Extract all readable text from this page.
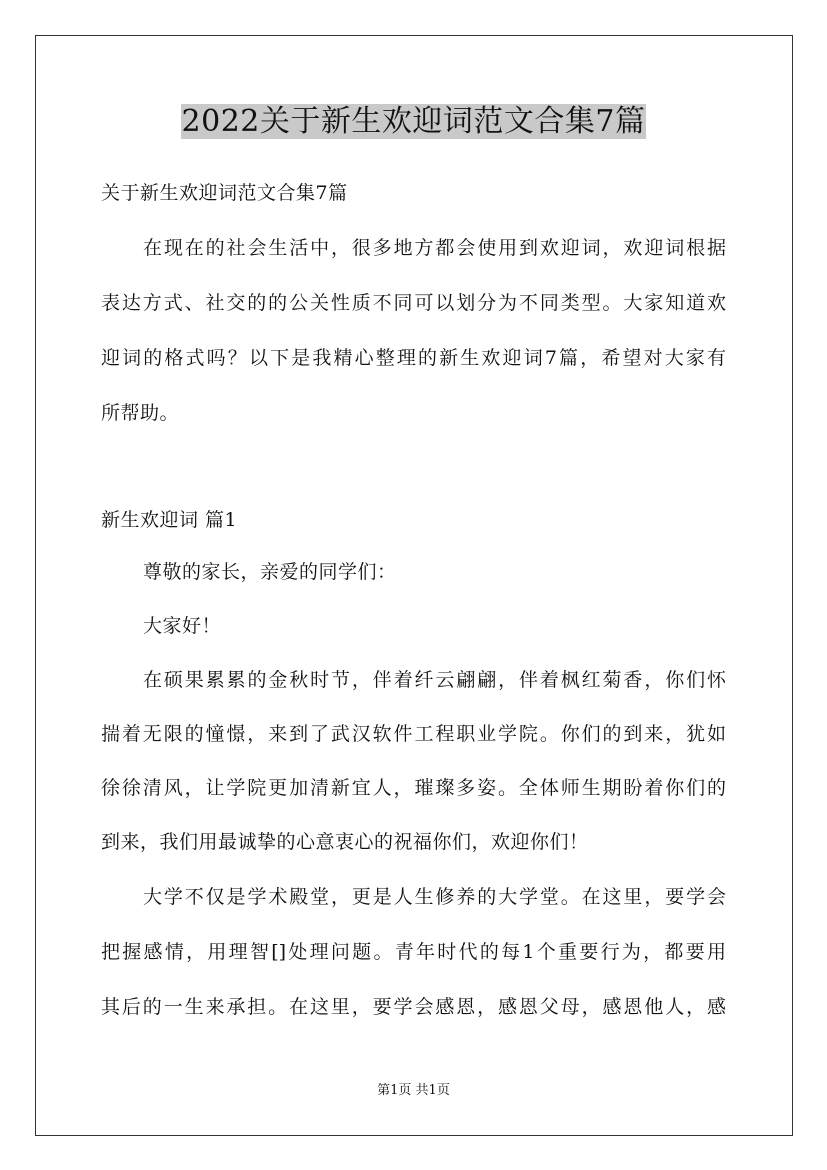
2022关于新生欢迎词范文合集7篇
关于新生欢迎词范文合集7篇
在现在的社会生活中，很多地方都会使用到欢迎词，欢迎词根据
表达方式、社交的的公关性质不同可以划分为不同类型。大家知道欢
迎词的格式吗？以下是我精心整理的新生欢迎词7篇，希望对大家有
所帮助。
新生欢迎词 篇1
尊敬的家长，亲爱的同学们：
大家好！
在硕果累累的金秋时节，伴着纤云翩翩，伴着枫红菊香，你们怀
揣着无限的憧憬，来到了武汉软件工程职业学院。你们的到来，犹如
徐徐清风，让学院更加清新宜人，璀璨多姿。全体师生期盼着你们的
到来，我们用最诚挚的心意衷心的祝福你们，欢迎你们！
大学不仅是学术殿堂，更是人生修养的大学堂。在这里，要学会
把握感情，用理智[]处理问题。青年时代的每1个重要行为，都要用
其后的一生来承担。在这里，要学会感恩，感恩父母，感恩他人，感
第1页 共1页
